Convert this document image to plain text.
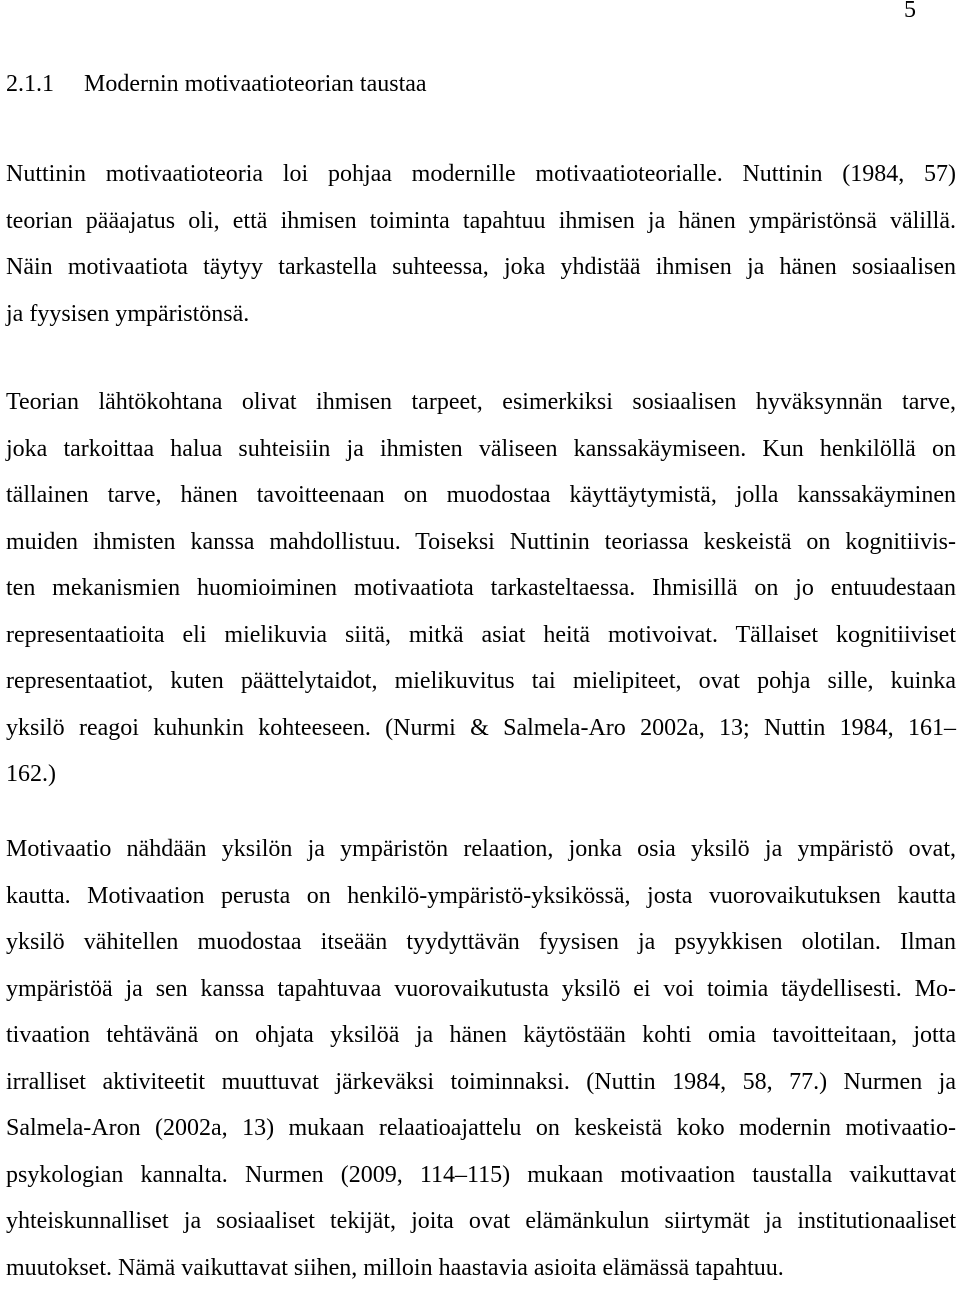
5
2.1.1 Modernin motivaatioteorian taustaa

Nuttinin motivaatioteoria loi pohjaa modernille motivaatioteorialle. Nuttinin (1984, 57)
teorian pääajatus oli, että ihmisen toiminta tapahtuu ihmisen ja hänen ympäristönsä välillä.
Näin motivaatiota täytyy tarkastella suhteessa, joka yhdistää ihmisen ja hänen sosiaalisen
ja fyysisen ympäristönsä.

Teorian lähtökohtana olivat ihmisen tarpeet, esimerkiksi sosiaalisen hyväksynnän tarve,
joka tarkoittaa halua suhteisiin ja ihmisten väliseen kanssakäymiseen. Kun henkilöllä on
tällainen tarve, hänen tavoitteenaan on muodostaa käyttäytymistä, jolla kanssakäyminen
muiden ihmisten kanssa mahdollistuu. Toiseksi Nuttinin teoriassa keskeistä on kognitiivis-
ten mekanismien huomioiminen motivaatiota tarkasteltaessa. Ihmisillä on jo entuudestaan
representaatioita eli mielikuvia siitä, mitkä asiat heitä motivoivat. Tällaiset kognitiiviset
representaatiot, kuten päättelytaidot, mielikuvitus tai mielipiteet, ovat pohja sille, kuinka
yksilö reagoi kuhunkin kohteeseen. (Nurmi & Salmela-Aro 2002a, 13; Nuttin 1984, 161–
162.)

Motivaatio nähdään yksilön ja ympäristön relaation, jonka osia yksilö ja ympäristö ovat,
kautta. Motivaation perusta on henkilö-ympäristö-yksikössä, josta vuorovaikutuksen kautta
yksilö vähitellen muodostaa itseään tyydyttävän fyysisen ja psyykkisen olotilan. Ilman
ympäristöä ja sen kanssa tapahtuvaa vuorovaikutusta yksilö ei voi toimia täydellisesti. Mo-
tivaation tehtävänä on ohjata yksilöä ja hänen käytöstään kohti omia tavoitteitaan, jotta
irralliset aktiviteetit muuttuvat järkeväksi toiminnaksi. (Nuttin 1984, 58, 77.) Nurmen ja
Salmela-Aron (2002a, 13) mukaan relaatioajattelu on keskeistä koko modernin motivaatio-
psykologian kannalta. Nurmen (2009, 114–115) mukaan motivaation taustalla vaikuttavat
yhteiskunnalliset ja sosiaaliset tekijät, joita ovat elämänkulun siirtymät ja institutionaaliset
muutokset. Nämä vaikuttavat siihen, milloin haastavia asioita elämässä tapahtuu.
